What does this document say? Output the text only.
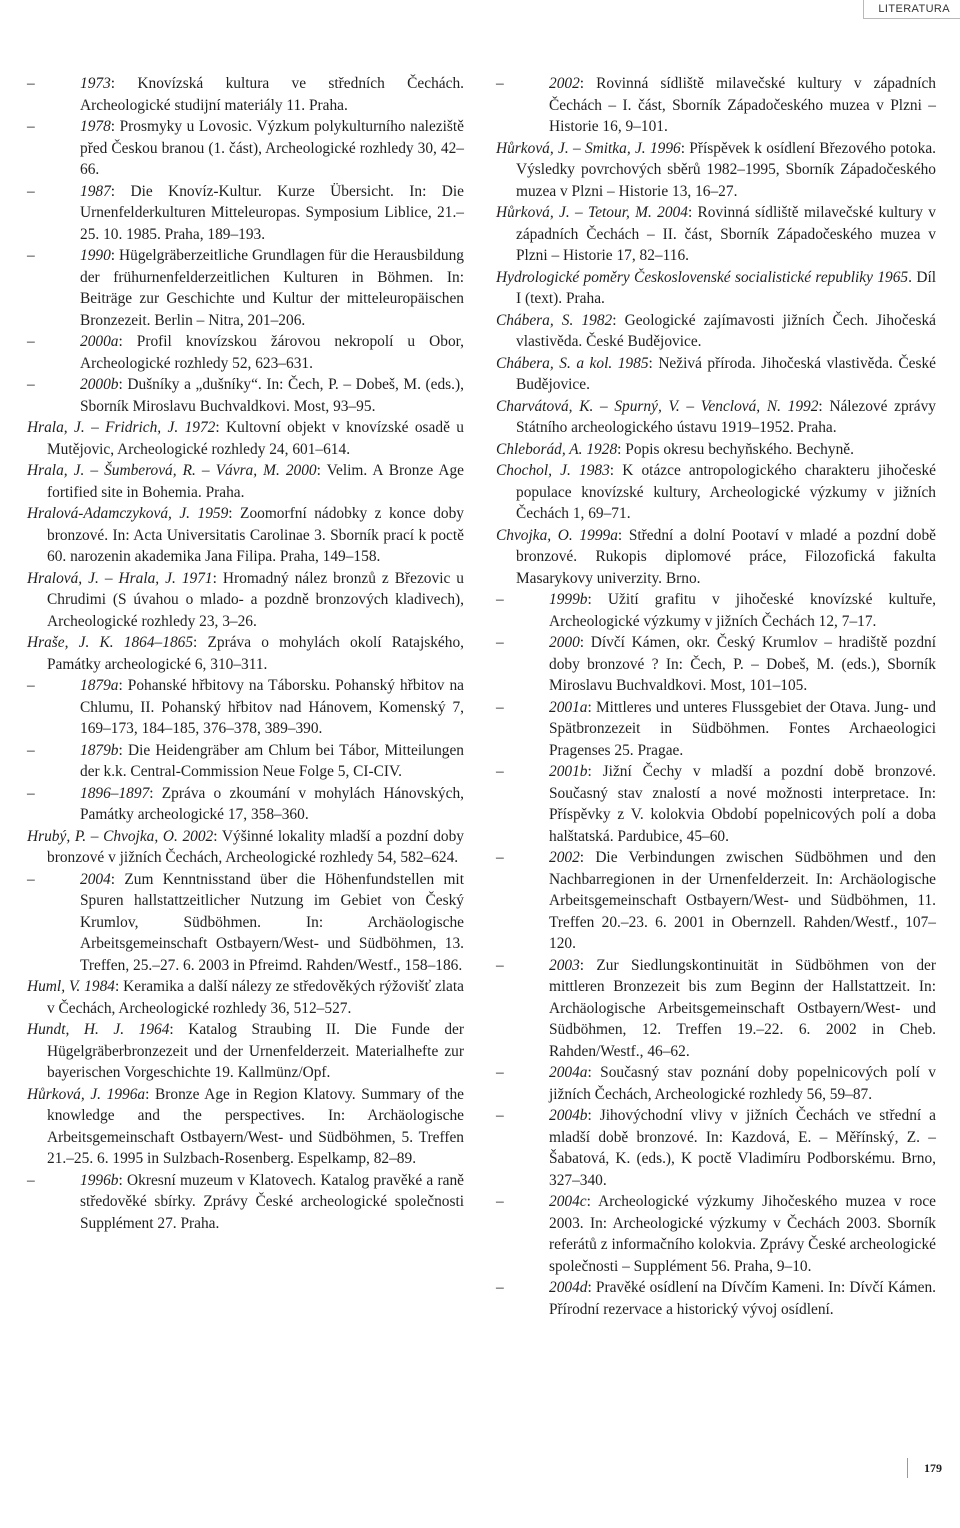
LITERATURA

–	1973: Knovízská kultura ve středních Čechách. Archeologické studijní materiály 11. Praha.

–	1978: Prosmyky u Lovosic. Výzkum polykulturního naleziště před Českou branou (1. část), Archeologické rozhledy 30, 42–66.

–	1987: Die Knovíz-Kultur. Kurze Übersicht. In: Die Urnenfelderkulturen Mitteleuropas. Symposium Liblice, 21.–25. 10. 1985. Praha, 189–193.

–	1990: Hügelgräberzeitliche Grundlagen für die Herausbildung der frühurnenfelderzeitlichen Kulturen in Böhmen. In: Beiträge zur Geschichte und Kultur der mitteleuropäischen Bronzezeit. Berlin – Nitra, 201–206.

–	2000a: Profil knovízskou žárovou nekropolí u Obor, Archeologické rozhledy 52, 623–631.

–	2000b: Dušníky a „dušníky“. In: Čech, P. – Dobeš, M. (eds.), Sborník Miroslavu Buchvaldkovi. Most, 93–95.

Hrala, J. – Fridrich, J. 1972: Kultovní objekt v knovízské osadě u Mutějovic, Archeologické rozhledy 24, 601–614.

Hrala, J. – Šumberová, R. – Vávra, M. 2000: Velim. A Bronze Age fortified site in Bohemia. Praha.

Hralová-Adamczyková, J. 1959: Zoomorfní nádobky z konce doby bronzové. In: Acta Universitatis Carolinae 3. Sborník prací k poctě 60. narozenin akademika Jana Filipa. Praha, 149–158.

Hralová, J. – Hrala, J. 1971: Hromadný nález bronzů z Březovic u Chrudimi (S úvahou o mlado- a pozdně bronzových kladivech), Archeologické rozhledy 23, 3–26.

Hraše, J. K. 1864–1865: Zpráva o mohylách okolí Ratajského, Památky archeologické 6, 310–311.

–	1879a: Pohanské hřbitovy na Táborsku. Pohanský hřbitov na Chlumu, II. Pohanský hřbitov nad Hánovem, Komenský 7, 169–173, 184–185, 376–378, 389–390.

–	1879b: Die Heidengräber am Chlum bei Tábor, Mitteilungen der k.k. Central-Commission Neue Folge 5, CI-CIV.

–	1896–1897: Zpráva o zkoumání v mohylách Hánovských, Památky archeologické 17, 358–360.

Hrubý, P. – Chvojka, O. 2002: Výšinné lokality mladší a pozdní doby bronzové v jižních Čechách, Archeologické rozhledy 54, 582–624.

–	2004: Zum Kenntnisstand über die Höhenfundstellen mit Spuren hallstattzeitlicher Nutzung im Gebiet von Český Krumlov, Südböhmen. In: Archäologische Arbeitsgemeinschaft Ostbayern/West- und Südböhmen, 13. Treffen, 25.–27. 6. 2003 in Pfreimd. Rahden/Westf., 158–186.

Huml, V. 1984: Keramika a další nálezy ze středověkých rýžovišť zlata v Čechách, Archeologické rozhledy 36, 512–527.

Hundt, H. J. 1964: Katalog Straubing II. Die Funde der Hügelgräberbronzezeit und der Urnenfelderzeit. Materialhefte zur bayerischen Vorgeschichte 19. Kallmünz/Opf.

Hůrková, J. 1996a: Bronze Age in Region Klatovy. Summary of the knowledge and the perspectives. In: Archäologische Arbeitsgemeinschaft Ostbayern/West- und Südböhmen, 5. Treffen 21.–25. 6. 1995 in Sulzbach-Rosenberg. Espelkamp, 82–89.

–	1996b: Okresní muzeum v Klatovech. Katalog pravěké a raně středověké sbírky. Zprávy České archeologické společnosti Supplément 27. Praha.

–	2002: Rovinná sídliště milavečské kultury v západních Čechách – I. část, Sborník Západočeského muzea v Plzni – Historie 16, 9–101.

Hůrková, J. – Smitka, J. 1996: Příspěvek k osídlení Březového potoka. Výsledky povrchových sběrů 1982–1995, Sborník Západočeského muzea v Plzni – Historie 13, 16–27.

Hůrková, J. – Tetour, M. 2004: Rovinná sídliště milavečské kultury v západních Čechách – II. část, Sborník Západočeského muzea v Plzni – Historie 17, 82–116.

Hydrologické poměry Československé socialistické republiky 1965. Díl I (text). Praha.

Chábera, S. 1982: Geologické zajímavosti jižních Čech. Jihočeská vlastivěda. České Budějovice.

Chábera, S. a kol. 1985: Neživá příroda. Jihočeská vlastivěda. České Budějovice.

Charvátová, K. – Spurný, V. – Venclová, N. 1992: Nálezové zprávy Státního archeologického ústavu 1919–1952. Praha.

Chleborád, A. 1928: Popis okresu bechyňského. Bechyně.

Chochol, J. 1983: K otázce antropologického charakteru jihočeské populace knovízské kultury, Archeologické výzkumy v jižních Čechách 1, 69–71.

Chvojka, O. 1999a: Střední a dolní Pootaví v mladé a pozdní době bronzové. Rukopis diplomové práce, Filozofická fakulta Masarykovy univerzity. Brno.

–	1999b: Užití grafitu v jihočeské knovízské kultuře, Archeologické výzkumy v jižních Čechách 12, 7–17.

–	2000: Dívčí Kámen, okr. Český Krumlov – hradiště pozdní doby bronzové ? In: Čech, P. – Dobeš, M. (eds.), Sborník Miroslavu Buchvaldkovi. Most, 101–105.

–	2001a: Mittleres und unteres Flussgebiet der Otava. Jung- und Spätbronzezeit in Südböhmen. Fontes Archaeologici Pragenses 25. Pragae.

–	2001b: Jižní Čechy v mladší a pozdní době bronzové. Současný stav znalostí a nové možnosti interpretace. In: Příspěvky z V. kolokvia Období popelnicových polí a doba halštatská. Pardubice, 45–60.

–	2002: Die Verbindungen zwischen Südböhmen und den Nachbarregionen in der Urnenfelderzeit. In: Archäologische Arbeitsgemeinschaft Ostbayern/West- und Südböhmen, 11. Treffen 20.–23. 6. 2001 in Obernzell. Rahden/Westf., 107–120.

–	2003: Zur Siedlungskontinuität in Südböhmen von der mittleren Bronzezeit bis zum Beginn der Hallstattzeit. In: Archäologische Arbeitsgemeinschaft Ostbayern/West- und Südböhmen, 12. Treffen 19.–22. 6. 2002 in Cheb. Rahden/Westf., 46–62.

–	2004a: Současný stav poznání doby popelnicových polí v jižních Čechách, Archeologické rozhledy 56, 59–87.

–	2004b: Jihovýchodní vlivy v jižních Čechách ve střední a mladší době bronzové. In: Kazdová, E. – Měřínský, Z. – Šabatová, K. (eds.), K poctě Vladimíru Podborskému. Brno, 327–340.

–	2004c: Archeologické výzkumy Jihočeského muzea v roce 2003. In: Archeologické výzkumy v Čechách 2003. Sborník referátů z informačního kolokvia. Zprávy České archeologické společnosti – Supplément 56. Praha, 9–10.

–	2004d: Pravěké osídlení na Dívčím Kameni. In: Dívčí Kámen. Přírodní rezervace a historický vývoj osídlení.

179
